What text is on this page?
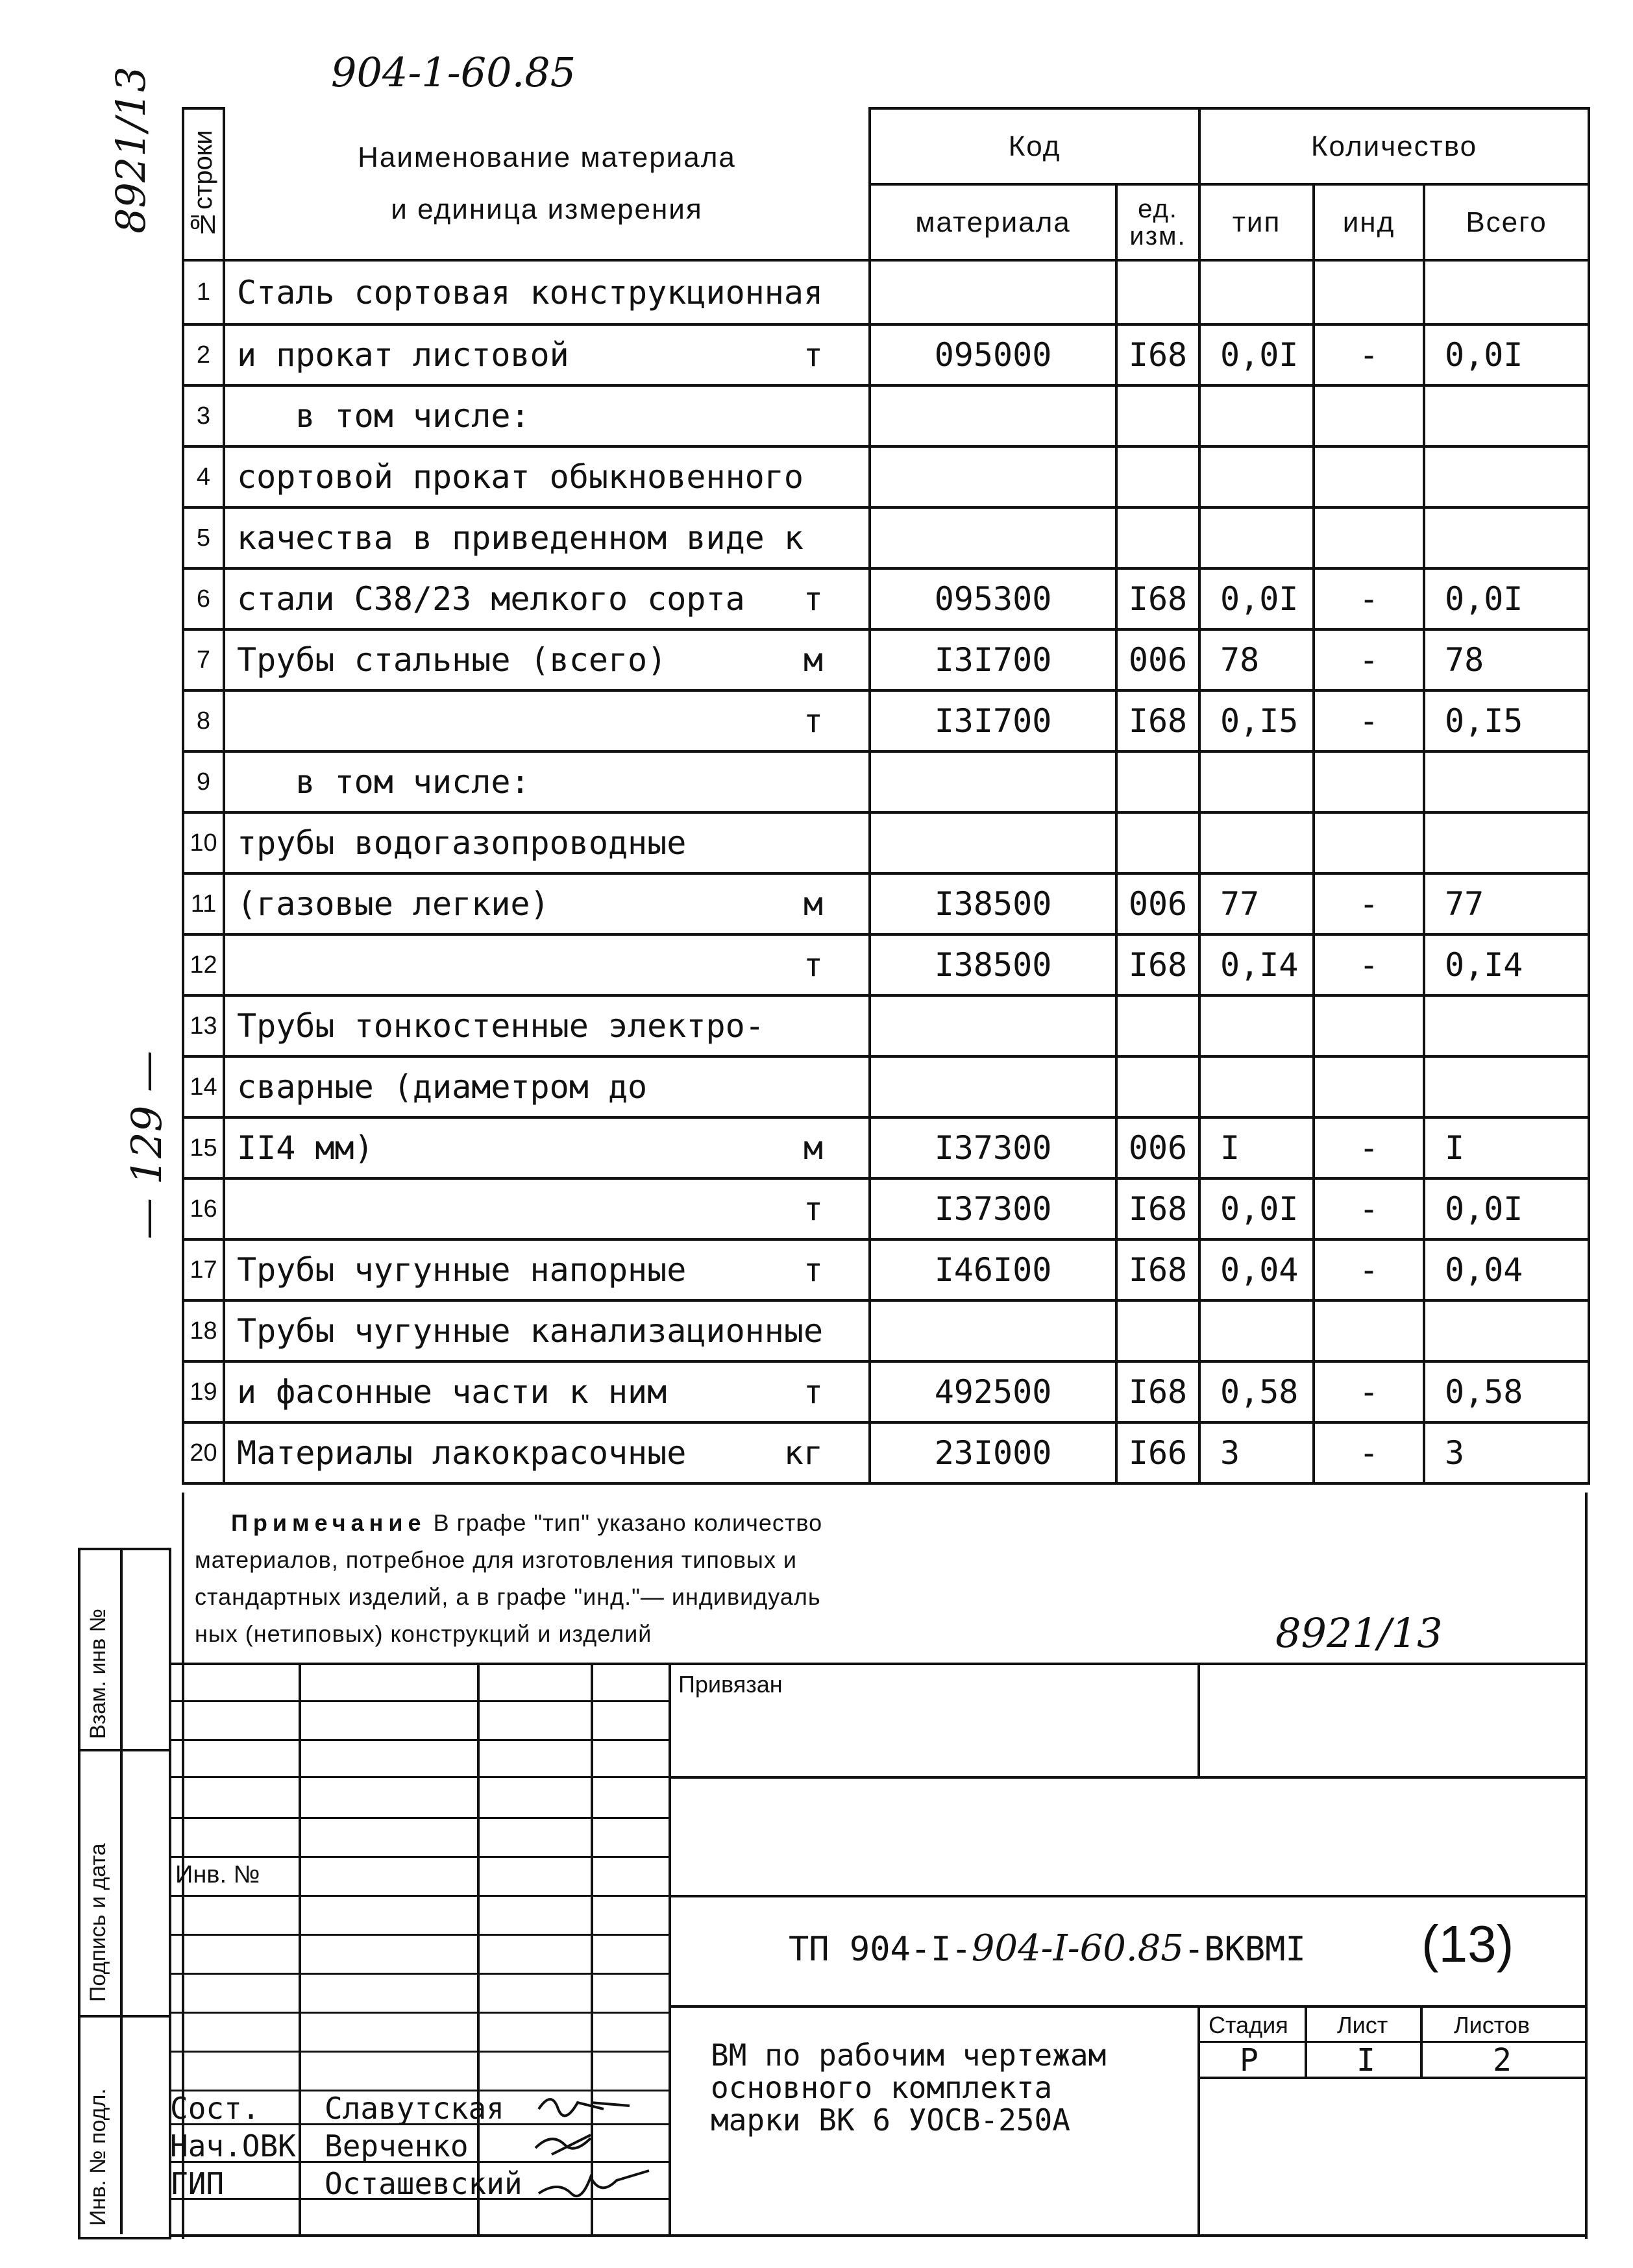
904-1-60.85
8921/13
— 129 —
№строки	Наименование материала
и единица измерения	Код		Количество		
		материала	ед. изм.	тип	инд	Всего
1	Сталь сортовая конструкционная

2	и прокат листовой т	095000	I68	0,0I	-	0,0I
3	в том числе:

4	сортовой прокат обыкновенного

5	качества в приведенном виде к

6	стали С38/23 мелкого сорта т	095300	I68	0,0I	-	0,0I
7	Трубы стальные (всего) м	I3I700	006	78	-	78
8	т	I3I700	I68	0,I5	-	0,I5
9	в том числе:

10	трубы водогазопроводные

11	(газовые легкие) м	I38500	006	77	-	77
12	т	I38500	I68	0,I4	-	0,I4
13	Трубы тонкостенные электро-

14	сварные (диаметром до

15	II4 мм) м	I37300	006	I	-	I
16	т	I37300	I68	0,0I	-	0,0I
17	Трубы чугунные напорные т	I46I00	I68	0,04	-	0,04
18	Трубы чугунные канализационные

19	и фасонные части к ним т	492500	I68	0,58	-	0,58
20	Материалы лакокрасочные кг	23I000	I66	3	-	3
Примечание В графе "тип" указано количество
материалов, потребное для изготовления типовых и
стандартных изделий, а в графе "инд."— индивидуаль
ных (нетиповых) конструкций и изделий	8921/13
Взам. инв №
Подпись и дата
Инв. № подл.
Привязан
Инв. №
ТП 904-I-904-I-60.85-ВКВМI (13)
ВМ по рабочим чертежам
основного комплекта
марки ВК 6 УОСВ-250А
Стадия Лист	Листов
Р	I	2
Сост. Славутская
Нач.ОВК Верченко
ГИП	Осташевский
